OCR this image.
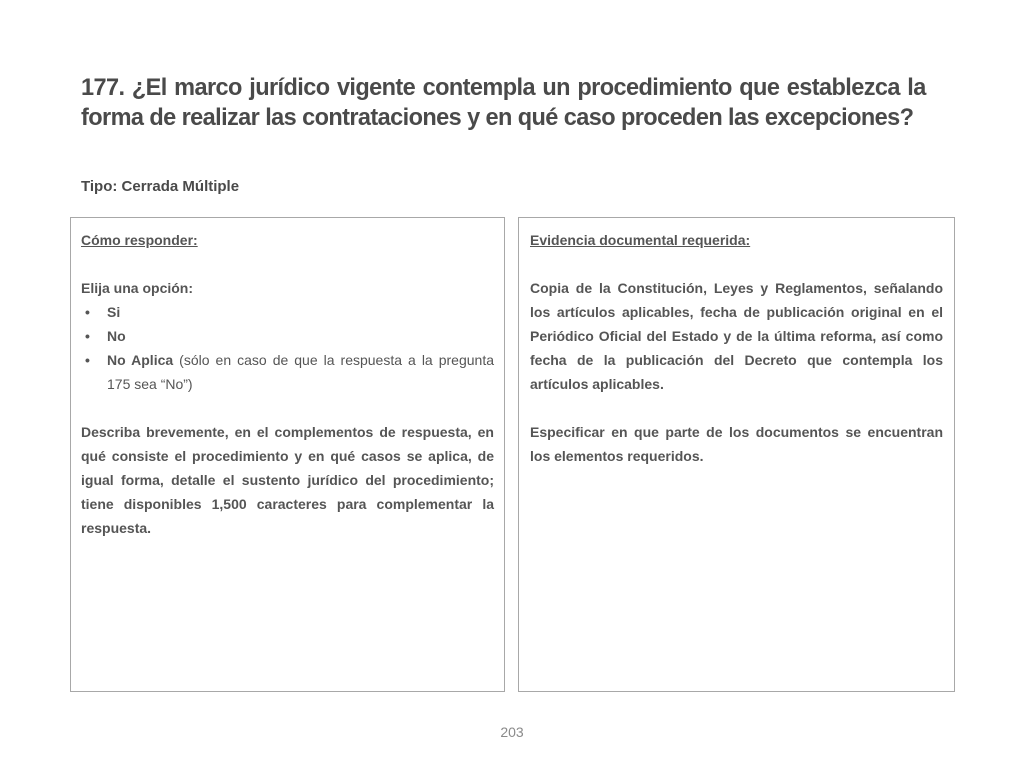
177. ¿El marco jurídico vigente contempla un procedimiento que establezca la forma de realizar las contrataciones y en qué caso proceden las excepciones?
Tipo: Cerrada Múltiple

Cómo responder:

Elija una opción:

• Si
• No
• No Aplica (sólo en caso de que la respuesta a la pregunta 175 sea “No”)

Describa brevemente, en el complementos de respuesta, en qué consiste el procedimiento y en qué casos se aplica, de igual forma, detalle el sustento jurídico del procedimiento; tiene disponibles 1,500 caracteres para complementar la respuesta.

Evidencia documental requerida:

Copia de la Constitución, Leyes y Reglamentos, señalando los artículos aplicables, fecha de publicación original en el Periódico Oficial del Estado y de la última reforma, así como fecha de la publicación del Decreto que contempla los artículos aplicables.

Especificar en que parte de los documentos se encuentran los elementos requeridos.

203
